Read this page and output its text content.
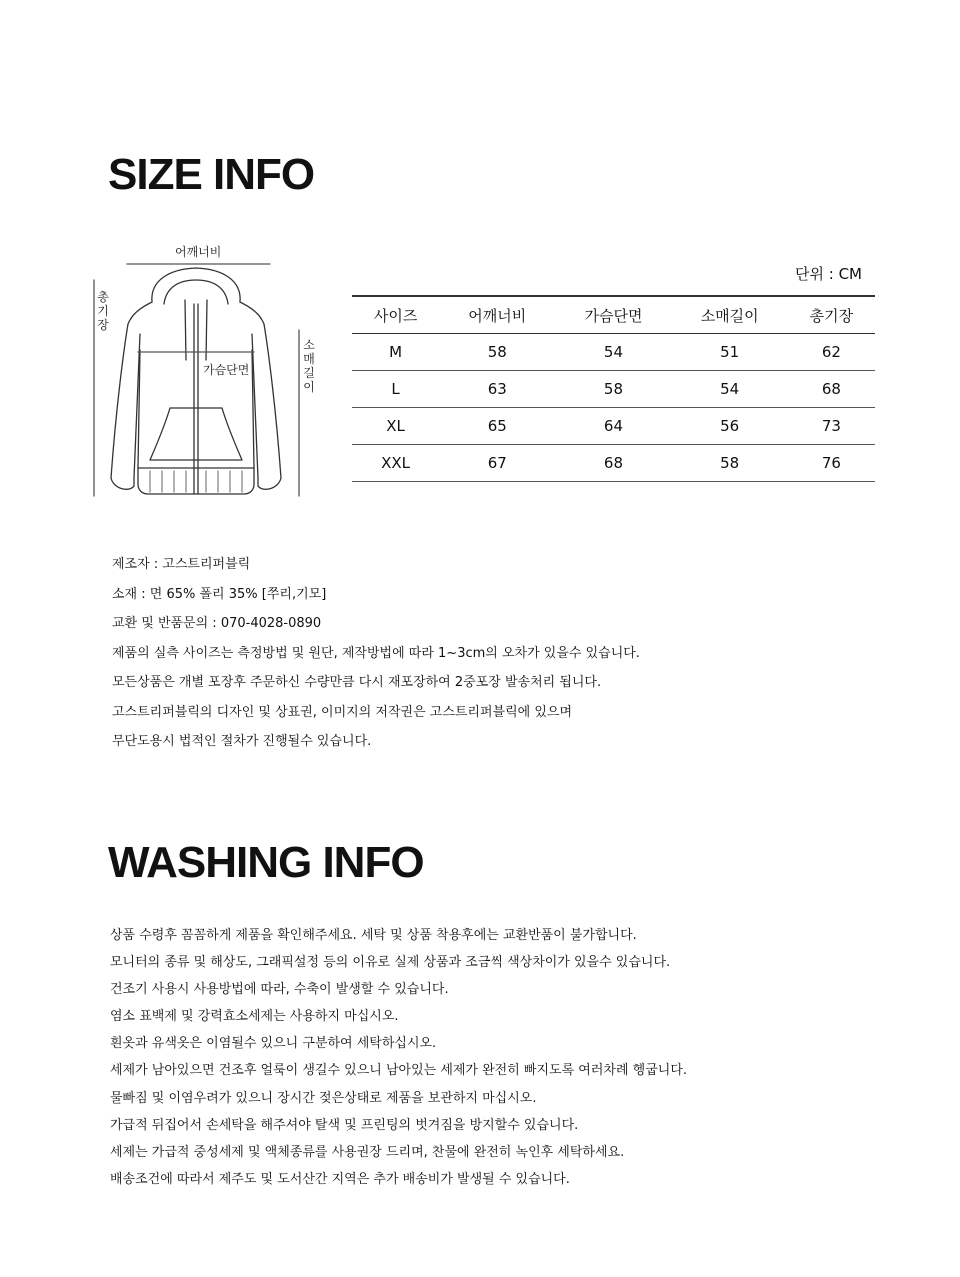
SIZE INFO
어깨너비
총기장
소매길이
가슴단면
단위 : CM
사이즈	어깨너비	가슴단면	소매길이	총기장
M	58	54	51	62
L	63	58	54	68
XL	65	64	56	73
XXL	67	68	58	76
제조자 : 고스트리퍼블릭
소재 : 면 65% 폴리 35% [쭈리,기모]
교환 및 반품문의 : 070-4028-0890
제품의 실측 사이즈는 측정방법 및 원단, 제작방법에 따라 1~3cm의 오차가 있을수 있습니다.
모든상품은 개별 포장후 주문하신 수량만큼 다시 재포장하여 2중포장 발송처리 됩니다.
고스트리퍼블릭의 디자인 및 상표권, 이미지의 저작권은 고스트리퍼블릭에 있으며
무단도용시 법적인 절차가 진행될수 있습니다.
WASHING INFO
상품 수령후 꼼꼼하게 제품을 확인해주세요. 세탁 및 상품 착용후에는 교환반품이 불가합니다.
모니터의 종류 및 해상도, 그래픽설정 등의 이유로 실제 상품과 조금씩 색상차이가 있을수 있습니다.
건조기 사용시 사용방법에 따라, 수축이 발생할 수 있습니다.
염소 표백제 및 강력효소세제는 사용하지 마십시오.
흰옷과 유색옷은 이염될수 있으니 구분하여 세탁하십시오.
세제가 남아있으면 건조후 얼룩이 생길수 있으니 남아있는 세제가 완전히 빠지도록 여러차례 헹굽니다.
물빠짐 및 이염우려가 있으니 장시간 젖은상태로 제품을 보관하지 마십시오.
가급적 뒤집어서 손세탁을 해주셔야 탈색 및 프린팅의 벗겨짐을 방지할수 있습니다.
세제는 가급적 중성세제 및 액체종류를 사용권장 드리며, 찬물에 완전히 녹인후 세탁하세요.
배송조건에 따라서 제주도 및 도서산간 지역은 추가 배송비가 발생될 수 있습니다.
